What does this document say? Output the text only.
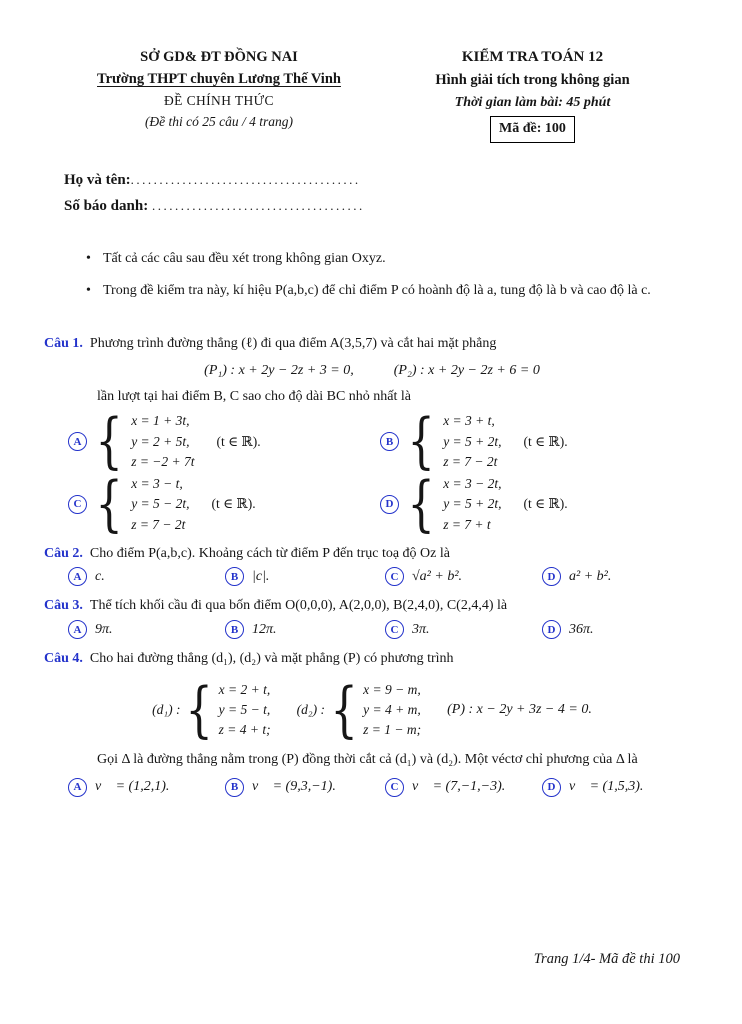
SỞ GD& ĐT ĐỒNG NAI
Trường THPT chuyên Lương Thế Vinh
ĐỀ CHÍNH THỨC
(Đề thi có 25 câu / 4 trang)
KIỂM TRA TOÁN 12
Hình giải tích trong không gian
Thời gian làm bài: 45 phút
Mã đề: 100
Họ và tên:........................................
Số báo danh: .....................................
• Tất cả các câu sau đều xét trong không gian Oxyz.
• Trong đề kiểm tra này, kí hiệu P(a,b,c) để chỉ điểm P có hoành độ là a, tung độ là b và cao độ là c.
Câu 1. Phương trình đường thẳng (ℓ) đi qua điểm A(3,5,7) và cắt hai mặt phẳng
(P₁) : x + 2y − 2z + 3 = 0,	(P₂) : x + 2y − 2z + 6 = 0
lần lượt tại hai điểm B, C sao cho độ dài BC nhỏ nhất là
A { x = 1 + 3t,
y = 2 + 5t,
z = −2 + 7t
(t ∈ ℝ).	B { x = 3 + t,
y = 5 + 2t,
z = 7 − 2t
(t ∈ ℝ).
C { x = 3 − t,
y = 5 − 2t,
z = 7 − 2t
(t ∈ ℝ).	D { x = 3 − 2t,
y = 5 + 2t,
z = 7 + t
(t ∈ ℝ).
Câu 2. Cho điểm P(a,b,c). Khoảng cách từ điểm P đến trục toạ độ Oz là
A c.	B |c|.	C √a² + b².	D a² + b².
Câu 3. Thể tích khối cầu đi qua bốn điểm O(0,0,0), A(2,0,0), B(2,4,0), C(2,4,4) là
A 9π.	B 12π.	C 3π.	D 36π.
Câu 4. Cho hai đường thẳng (d₁), (d₂) và mặt phẳng (P) có phương trình
(d₁) : { x = 2 + t,
y = 5 − t,
z = 4 + t;
(d₂) : { x = 9 − m,
y = 4 + m,
z = 1 − m;
(P) : x − 2y + 3z − 4 = 0.
Gọi Δ là đường thẳng nằm trong (P) đồng thời cắt cả (d₁) và (d₂). Một véctơ chỉ phương của Δ là
A v⃗ = (1,2,1).	B v⃗ = (9,3,−1).	C v⃗ = (7,−1,−3).	D v⃗ = (1,5,3).
Trang 1/4- Mã đề thi 100
